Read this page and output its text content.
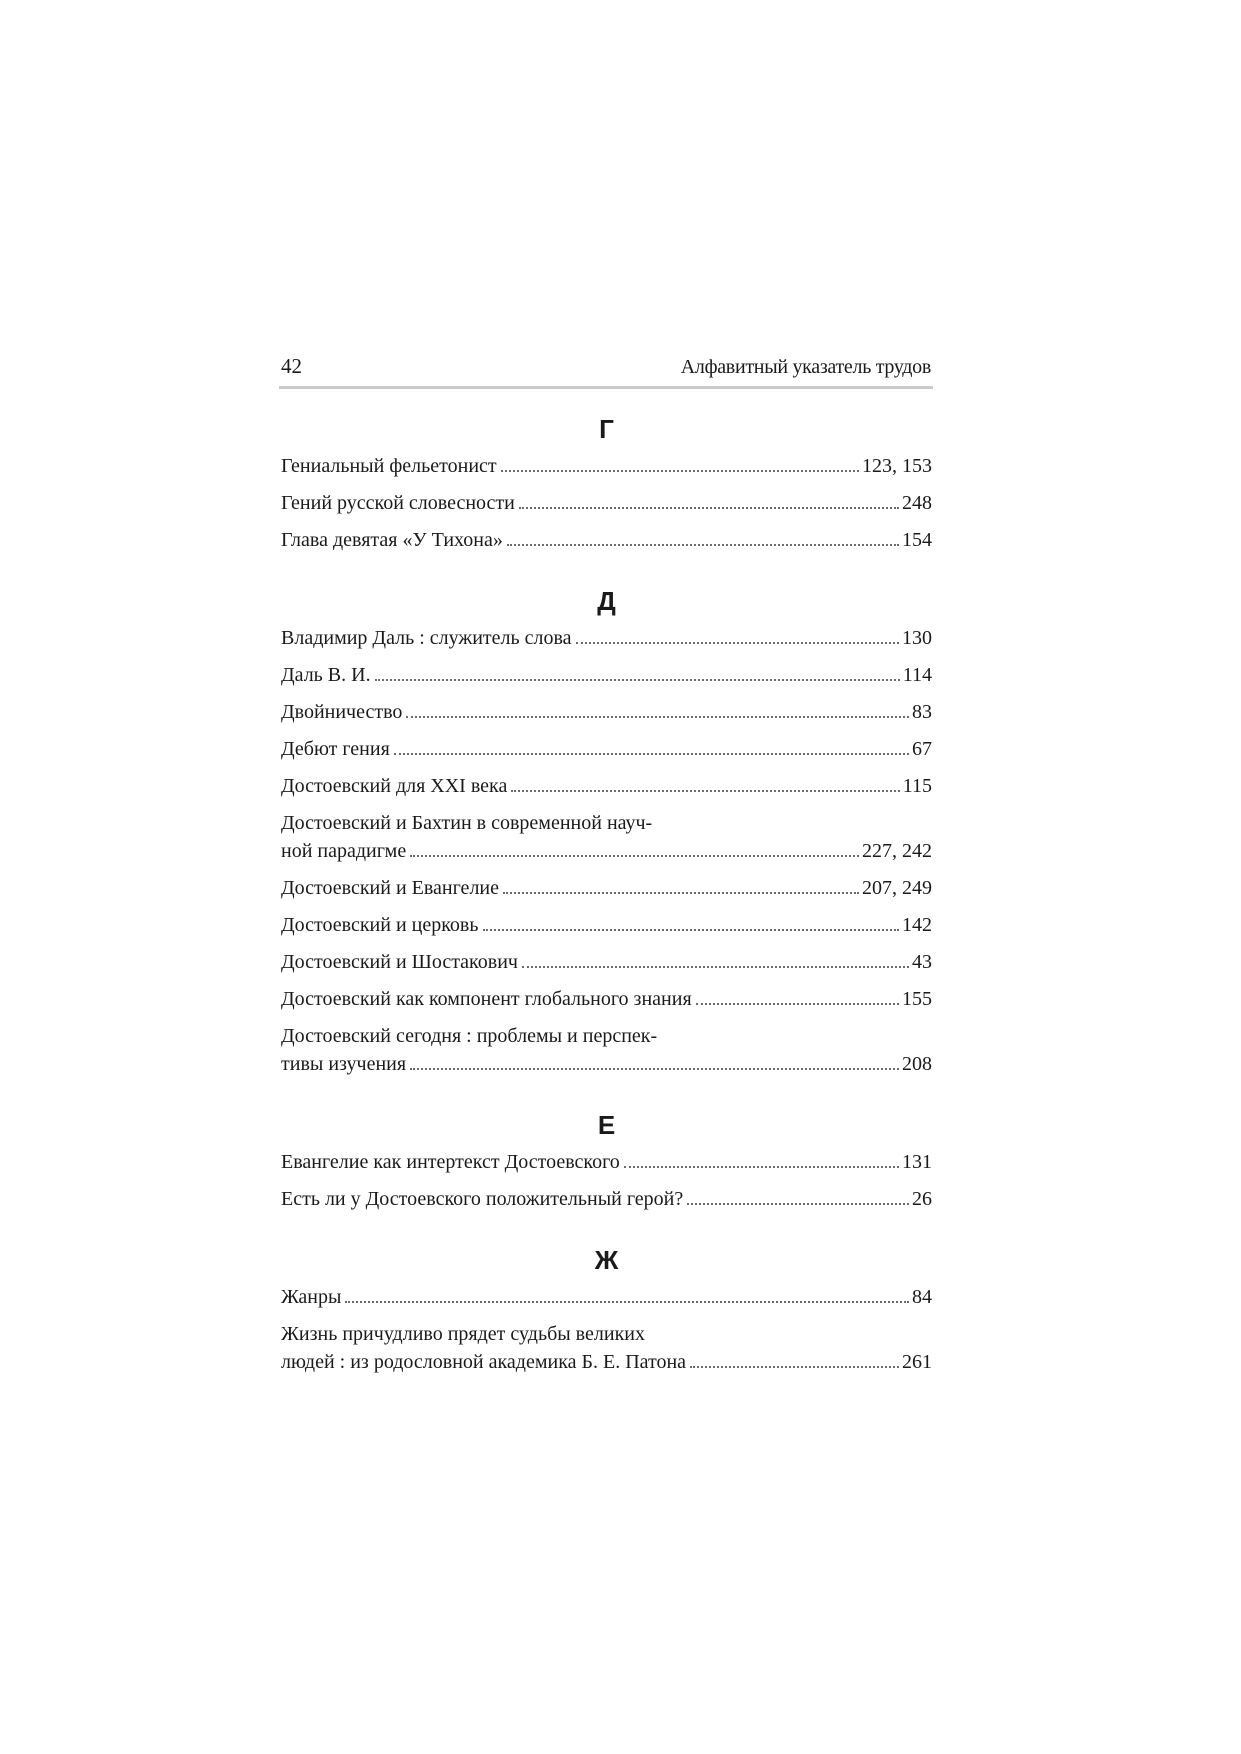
42	Алфавитный указатель трудов
Г
Гениальный фельетонист	123, 153
Гений русской словесности	248
Глава девятая «У Тихона»	154
Д
Владимир Даль : служитель слова	130
Даль В. И.	114
Двойничество	83
Дебют гения	67
Достоевский для XXI века	115
Достоевский и Бахтин в современной науч-
ной парадигме	227, 242
Достоевский и Евангелие	207, 249
Достоевский и церковь	142
Достоевский и Шостакович	43
Достоевский как компонент глобального знания	155
Достоевский сегодня : проблемы и перспек-
тивы изучения	208
Е
Евангелие как интертекст Достоевского	131
Есть ли у Достоевского положительный герой?	26
Ж
Жанры	84
Жизнь причудливо прядет судьбы великих
людей : из родословной академика Б. Е. Патона	261
